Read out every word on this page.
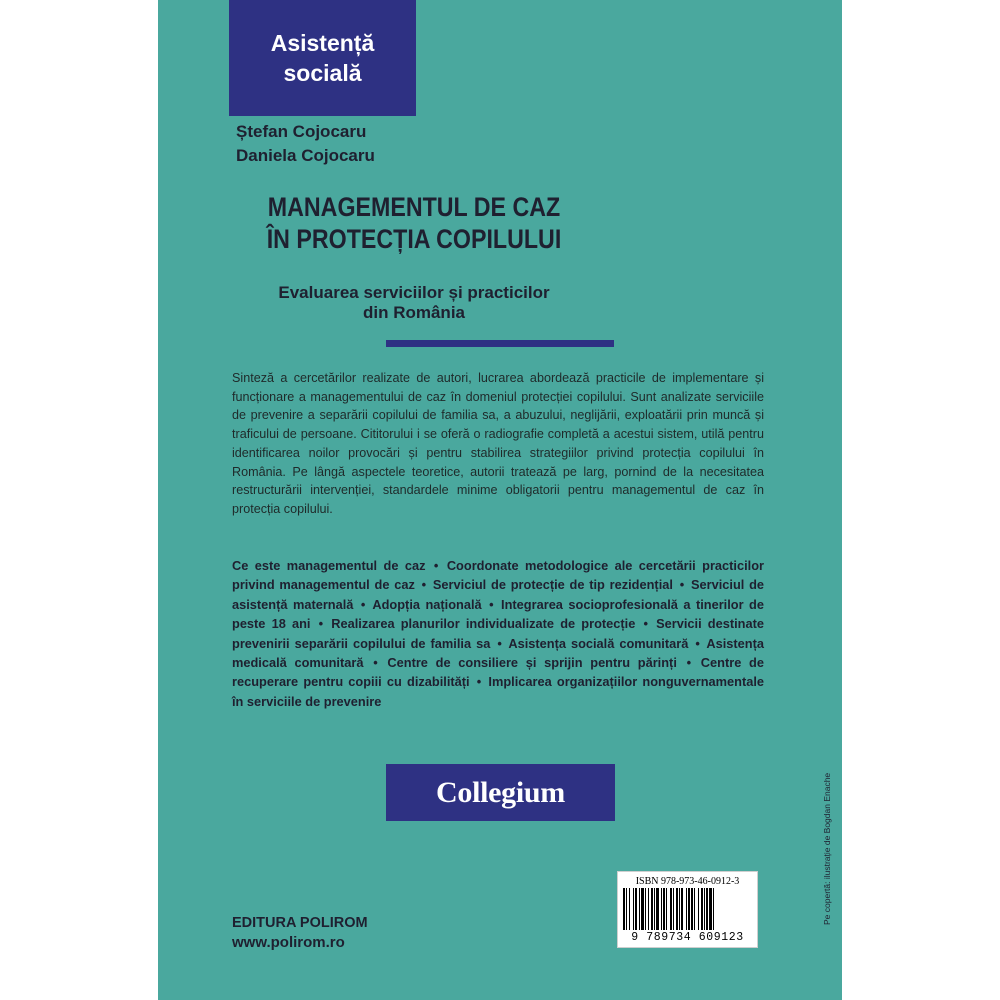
Asistență
socială
Ștefan Cojocaru
Daniela Cojocaru
MANAGEMENTUL DE CAZ
ÎN PROTECȚIA COPILULUI
Evaluarea serviciilor și practicilor
din România
Sinteză a cercetărilor realizate de autori, lucrarea abordează practicile de implementare și funcționare a managementului de caz în domeniul protecției copilului. Sunt analizate serviciile de prevenire a separării copilului de familia sa, a abuzului, neglijării, exploatării prin muncă și traficului de persoane. Cititorului i se oferă o radiografie completă a acestui sistem, utilă pentru identificarea noilor provocări și pentru stabilirea strategiilor privind protecția copilului în România. Pe lângă aspectele teoretice, autorii tratează pe larg, pornind de la necesitatea restructurării intervenției, standardele minime obligatorii pentru managementul de caz în protecția copilului.
Ce este managementul de caz • Coordonate metodologice ale cercetării practicilor privind managementul de caz • Serviciul de protecție de tip rezidențial • Serviciul de asistență maternală • Adopția națională • Integrarea socioprofesională a tinerilor de peste 18 ani • Realizarea planurilor individualizate de protecție • Servicii destinate prevenirii separării copilului de familia sa • Asistența socială comunitară • Asistența medicală comunitară • Centre de consiliere și sprijin pentru părinți • Centre de recuperare pentru copiii cu dizabilități • Implicarea organizațiilor nonguvernamentale în serviciile de prevenire
Collegium
EDITURA POLIROM
www.polirom.ro
ISBN 978-973-46-0912-3
9 789734 609123
Pe copertă: ilustrație de Bogdan Enache
